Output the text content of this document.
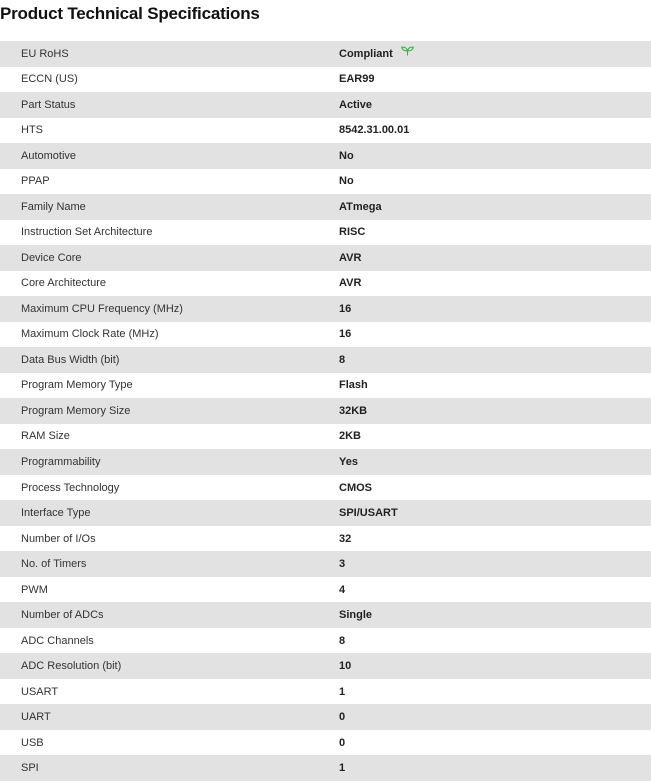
Product Technical Specifications
EU RoHS	Compliant
ECCN (US)	EAR99
Part Status	Active
HTS	8542.31.00.01
Automotive	No
PPAP	No
Family Name	ATmega
Instruction Set Architecture	RISC
Device Core	AVR
Core Architecture	AVR
Maximum CPU Frequency (MHz)	16
Maximum Clock Rate (MHz)	16
Data Bus Width (bit)	8
Program Memory Type	Flash
Program Memory Size	32KB
RAM Size	2KB
Programmability	Yes
Process Technology	CMOS
Interface Type	SPI/USART
Number of I/Os	32
No. of Timers	3
PWM	4
Number of ADCs	Single
ADC Channels	8
ADC Resolution (bit)	10
USART	1
UART	0
USB	0
SPI	1
